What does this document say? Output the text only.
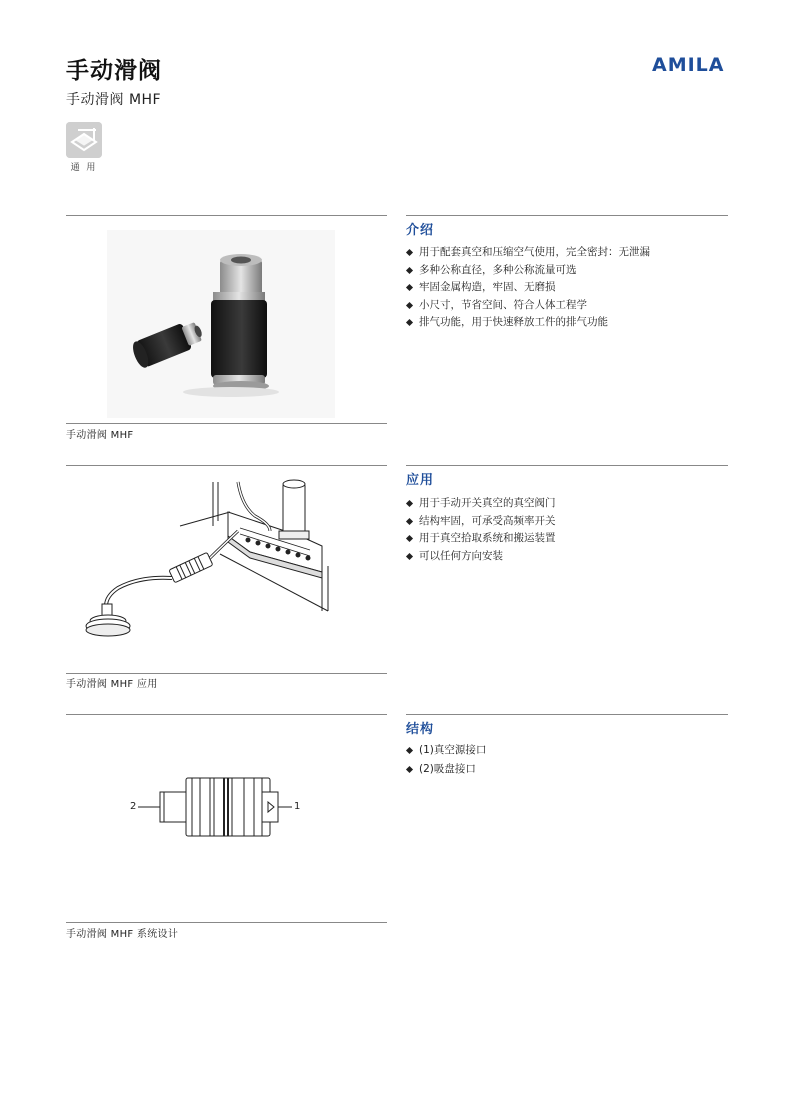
手动滑阀
手动滑阀 MHF
AMILA
通 用
介绍
手动滑阀 MHF
用于配套真空和压缩空气使用，完全密封：无泄漏
多种公称直径，多种公称流量可选
牢固金属构造，牢固、无磨损
小尺寸，节省空间、符合人体工程学
排气功能，用于快速释放工件的排气功能
应用
手动滑阀 MHF 应用
用于手动开关真空的真空阀门
结构牢固，可承受高频率开关
用于真空拾取系统和搬运装置
可以任何方向安装
结构
2	1
手动滑阀 MHF 系统设计
(1)真空源接口
(2)吸盘接口
